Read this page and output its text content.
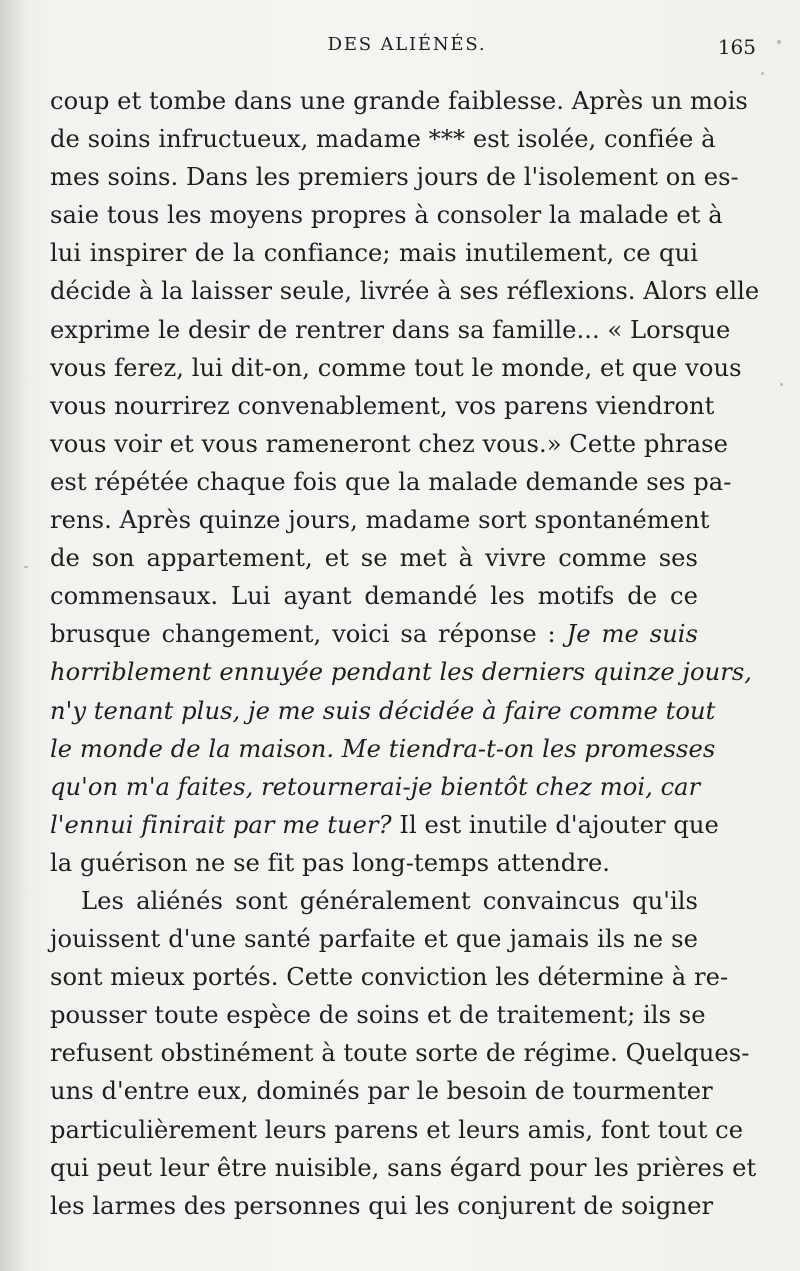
DES ALIÉNÉS.	165
coup et tombe dans une grande faiblesse. Après un mois
de soins infructueux, madame *** est isolée, confiée à
mes soins. Dans les premiers jours de l'isolement on es-
saie tous les moyens propres à consoler la malade et à
lui inspirer de la confiance; mais inutilement, ce qui
décide à la laisser seule, livrée à ses réflexions. Alors elle
exprime le desir de rentrer dans sa famille... « Lorsque
vous ferez, lui dit-on, comme tout le monde, et que vous
vous nourrirez convenablement, vos parens viendront
vous voir et vous rameneront chez vous.» Cette phrase
est répétée chaque fois que la malade demande ses pa-
rens. Après quinze jours, madame sort spontanément
de son appartement, et se met à vivre comme ses
commensaux. Lui ayant demandé les motifs de ce
brusque changement, voici sa réponse : Je me suis
horriblement ennuyée pendant les derniers quinze jours,
n'y tenant plus, je me suis décidée à faire comme tout
le monde de la maison. Me tiendra-t-on les promesses
qu'on m'a faites, retournerai-je bientôt chez moi, car
l'ennui finirait par me tuer? Il est inutile d'ajouter que
la guérison ne se fit pas long-temps attendre.
Les aliénés sont généralement convaincus qu'ils
jouissent d'une santé parfaite et que jamais ils ne se
sont mieux portés. Cette conviction les détermine à re-
pousser toute espèce de soins et de traitement; ils se
refusent obstinément à toute sorte de régime. Quelques-
uns d'entre eux, dominés par le besoin de tourmenter
particulièrement leurs parens et leurs amis, font tout ce
qui peut leur être nuisible, sans égard pour les prières et
les larmes des personnes qui les conjurent de soigner
